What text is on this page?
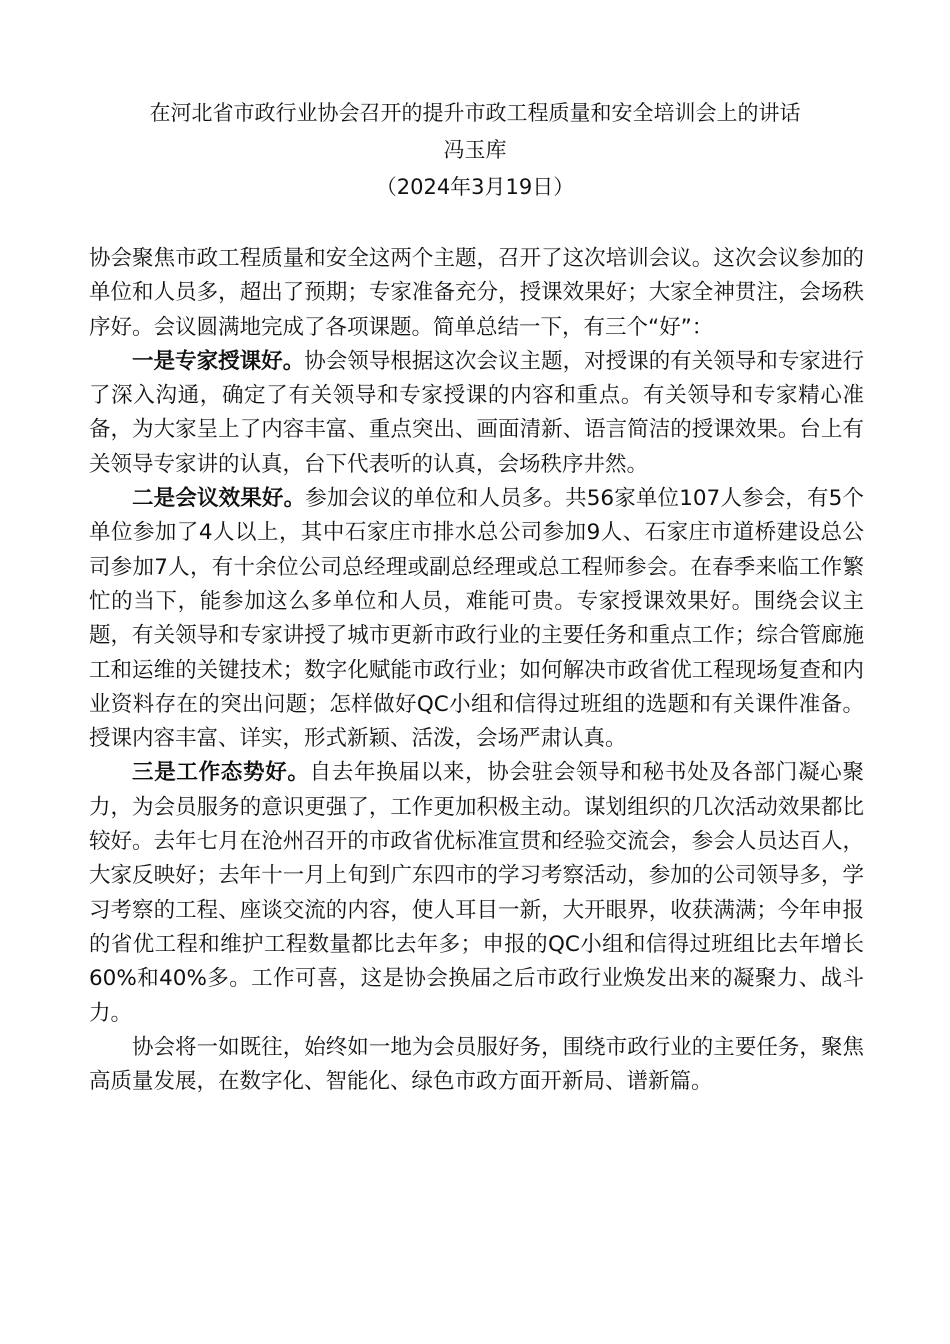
在河北省市政行业协会召开的提升市政工程质量和安全培训会上的讲话
冯玉库
（2024年3月19日）

协会聚焦市政工程质量和安全这两个主题，召开了这次培训会议。这次会议参加的单位和人员多，超出了预期；专家准备充分，授课效果好；大家全神贯注，会场秩序好。会议圆满地完成了各项课题。简单总结一下，有三个“好”：

一是专家授课好。协会领导根据这次会议主题，对授课的有关领导和专家进行了深入沟通，确定了有关领导和专家授课的内容和重点。有关领导和专家精心准备，为大家呈上了内容丰富、重点突出、画面清新、语言简洁的授课效果。台上有关领导专家讲的认真，台下代表听的认真，会场秩序井然。

二是会议效果好。参加会议的单位和人员多。共56家单位107人参会，有5个单位参加了4人以上，其中石家庄市排水总公司参加9人、石家庄市道桥建设总公司参加7人，有十余位公司总经理或副总经理或总工程师参会。在春季来临工作繁忙的当下，能参加这么多单位和人员，难能可贵。专家授课效果好。围绕会议主题，有关领导和专家讲授了城市更新市政行业的主要任务和重点工作；综合管廊施工和运维的关键技术；数字化赋能市政行业；如何解决市政省优工程现场复查和内业资料存在的突出问题；怎样做好QC小组和信得过班组的选题和有关课件准备。授课内容丰富、详实，形式新颖、活泼，会场严肃认真。

三是工作态势好。自去年换届以来，协会驻会领导和秘书处及各部门凝心聚力，为会员服务的意识更强了，工作更加积极主动。谋划组织的几次活动效果都比较好。去年七月在沧州召开的市政省优标准宣贯和经验交流会，参会人员达百人，大家反映好；去年十一月上旬到广东四市的学习考察活动，参加的公司领导多，学习考察的工程、座谈交流的内容，使人耳目一新，大开眼界，收获满满；今年申报的省优工程和维护工程数量都比去年多；申报的QC小组和信得过班组比去年增长60%和40%多。工作可喜，这是协会换届之后市政行业焕发出来的凝聚力、战斗力。

协会将一如既往，始终如一地为会员服好务，围绕市政行业的主要任务，聚焦高质量发展，在数字化、智能化、绿色市政方面开新局、谱新篇。
